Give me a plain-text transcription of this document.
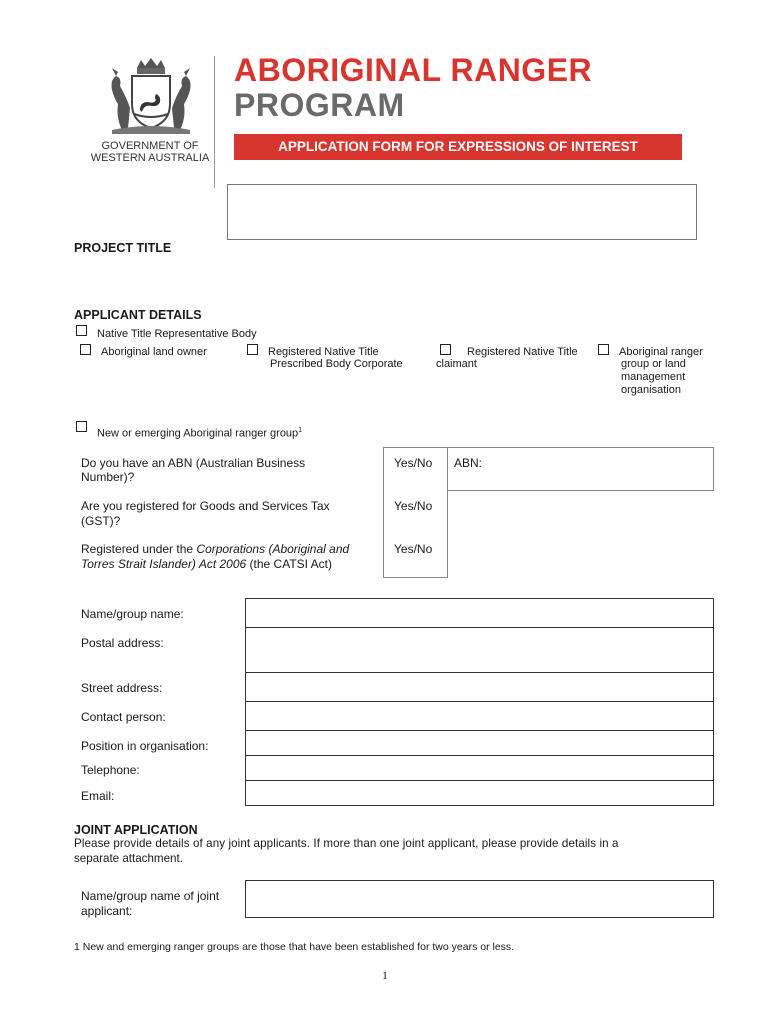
GOVERNMENT OF
WESTERN AUSTRALIA
ABORIGINAL RANGER
PROGRAM
APPLICATION FORM FOR EXPRESSIONS OF INTEREST
PROJECT TITLE
APPLICANT DETAILS
Native Title Representative Body
Aboriginal land owner	Registered Native Title
Prescribed Body Corporate
Registered Native Title
claimant
Aboriginal ranger
group or land
management
organisation
New or emerging Aboriginal ranger group$^1$
Do you have an ABN (Australian Business
Number)?
Yes/No ABN:
Are you registered for Goods and Services Tax
(GST)?
Yes/No
Registered under the Corporations (Aboriginal and
Torres Strait Islander) Act 2006 (the CATSI Act)
Yes/No
Name/group name:
Postal address:
Street address:
Contact person:
Position in organisation:
Telephone:
Email:
JOINT APPLICATION
Please provide details of any joint applicants. If more than one joint applicant, please provide details in a
separate attachment.
Name/group name of joint
applicant:
1 New and emerging ranger groups are those that have been established for two years or less.
1
